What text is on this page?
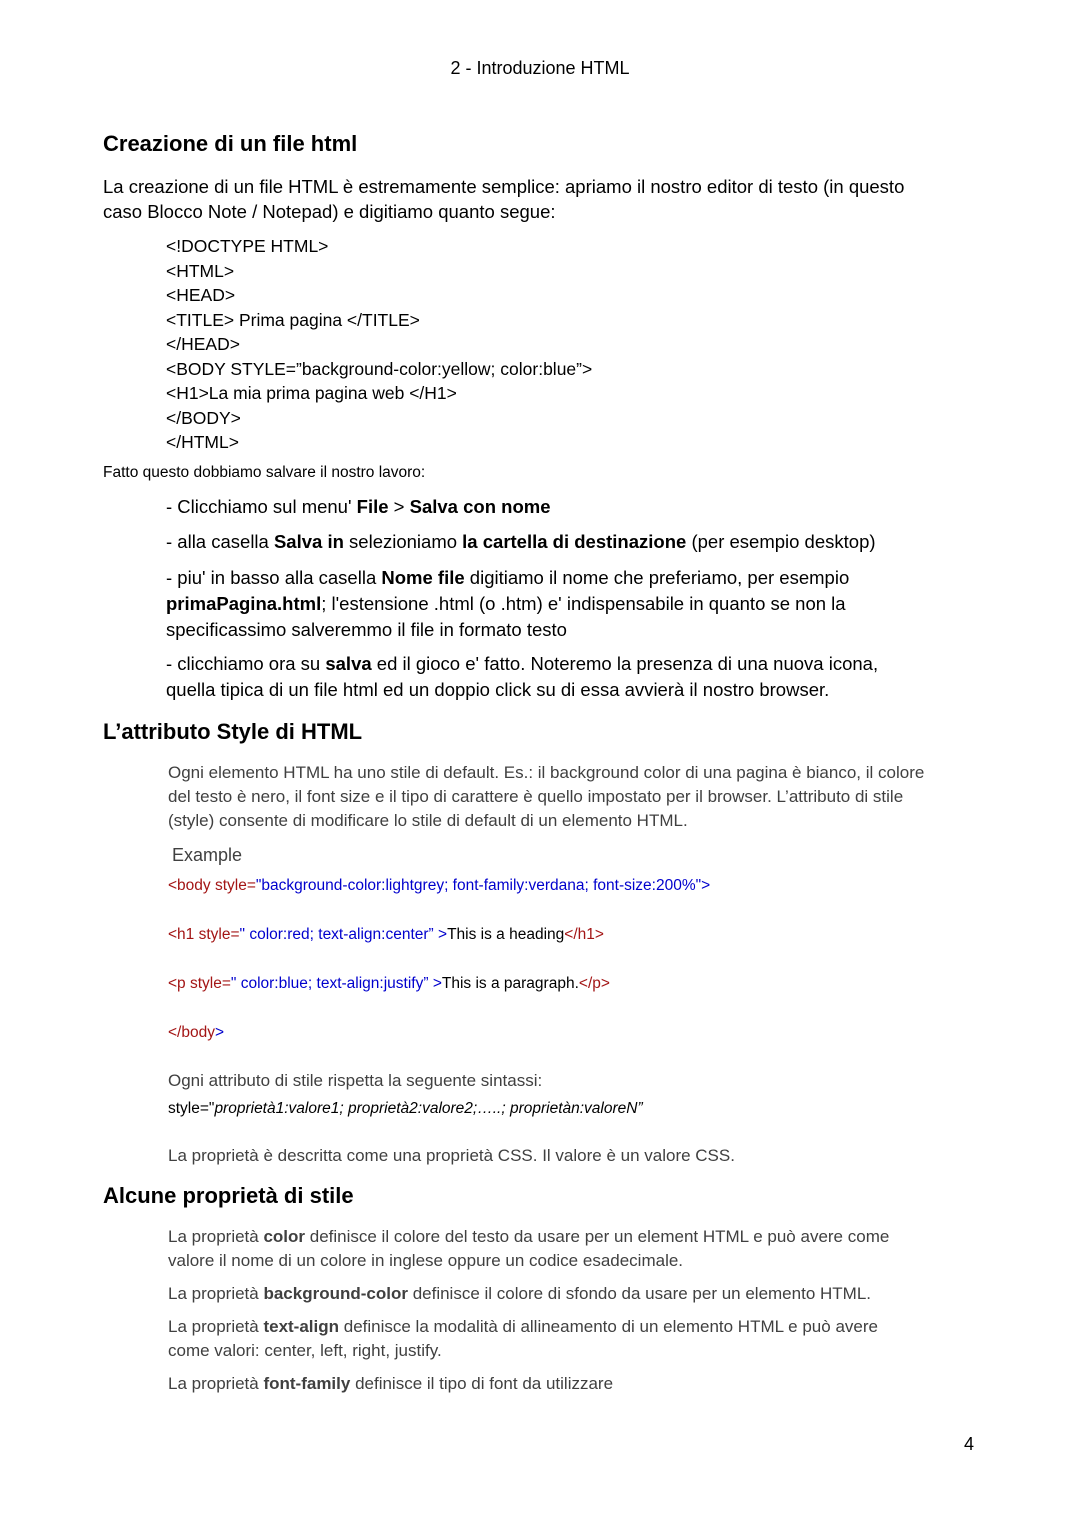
2 - Introduzione HTML
Creazione di un file html
La creazione di un file HTML è estremamente semplice: apriamo il nostro editor di testo (in questo
caso Blocco Note / Notepad) e digitiamo quanto segue:
<!DOCTYPE HTML>
<HTML>
<HEAD>
<TITLE> Prima pagina </TITLE>
</HEAD>
<BODY STYLE=”background-color:yellow; color:blue”>
<H1>La mia prima pagina web </H1>
</BODY>
</HTML>
Fatto questo dobbiamo salvare il nostro lavoro:
- Clicchiamo sul menu' File > Salva con nome
- alla casella Salva in selezioniamo la cartella di destinazione (per esempio desktop)
- piu' in basso alla casella Nome file digitiamo il nome che preferiamo, per esempio
primaPagina.html; l'estensione .html (o .htm) e' indispensabile in quanto se non la
specificassimo salveremmo il file in formato testo
- clicchiamo ora su salva ed il gioco e' fatto. Noteremo la presenza di una nuova icona,
quella tipica di un file html ed un doppio click su di essa avvierà il nostro browser.
L’attributo Style di HTML
Ogni elemento HTML ha uno stile di default. Es.: il background color di una pagina è bianco, il colore
del testo è nero, il font size e il tipo di carattere è quello impostato per il browser. L’attributo di stile
(style) consente di modificare lo stile di default di un elemento HTML.
Example
<body style="background-color:lightgrey; font-family:verdana; font-size:200%">
<h1 style=" color:red; text-align:center” >This is a heading</h1>
<p style=" color:blue; text-align:justify” >This is a paragraph.</p>
</body>
Ogni attributo di stile rispetta la seguente sintassi:
style="proprietà1:valore1; proprietà2:valore2;…..; proprietàn:valoreN”
La proprietà è descritta come una proprietà CSS. Il valore è un valore CSS.
Alcune proprietà di stile
La proprietà color definisce il colore del testo da usare per un element HTML e può avere come
valore il nome di un colore in inglese oppure un codice esadecimale.
La proprietà background-color definisce il colore di sfondo da usare per un elemento HTML.
La proprietà text-align definisce la modalità di allineamento di un elemento HTML e può avere
come valori: center, left, right, justify.
La proprietà font-family definisce il tipo di font da utilizzare
4
